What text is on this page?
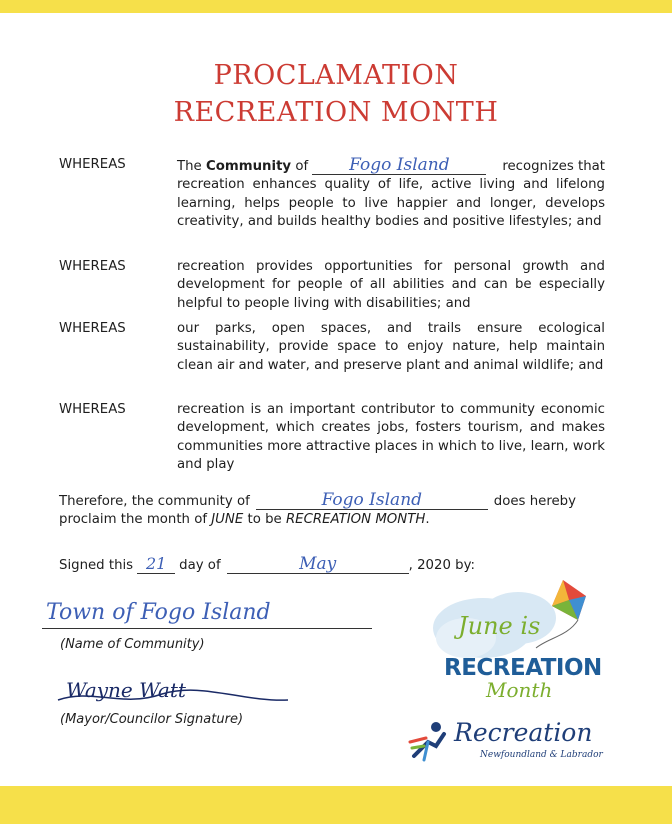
PROCLAMATION
RECREATION MONTH
WHEREAS	The Community of Fogo Island	recognizes that
recreation enhances quality of life, active living and lifelong learning, helps people to live happier and longer, develops creativity, and builds healthy bodies and positive lifestyles; and
WHEREAS	recreation provides opportunities for personal growth and development for people of all abilities and can be especially helpful to people living with disabilities; and
WHEREAS	our parks, open spaces, and trails ensure ecological sustainability, provide space to enjoy nature, help maintain clean air and water, and preserve plant and animal wildlife; and
WHEREAS	recreation is an important contributor to community economic development, which creates jobs, fosters tourism, and makes communities more attractive places in which to live, learn, work and play
Therefore, the community of	Fogo Island	does hereby
proclaim the month of JUNE to be RECREATION MONTH.
Signed this 21 day of	May	, 2020 by:
Town of Fogo Island
(Name of Community)
Wayne Watt
(Mayor/Councilor Signature)
June is
RECREATION
Month
Recreation
Newfoundland & Labrador
